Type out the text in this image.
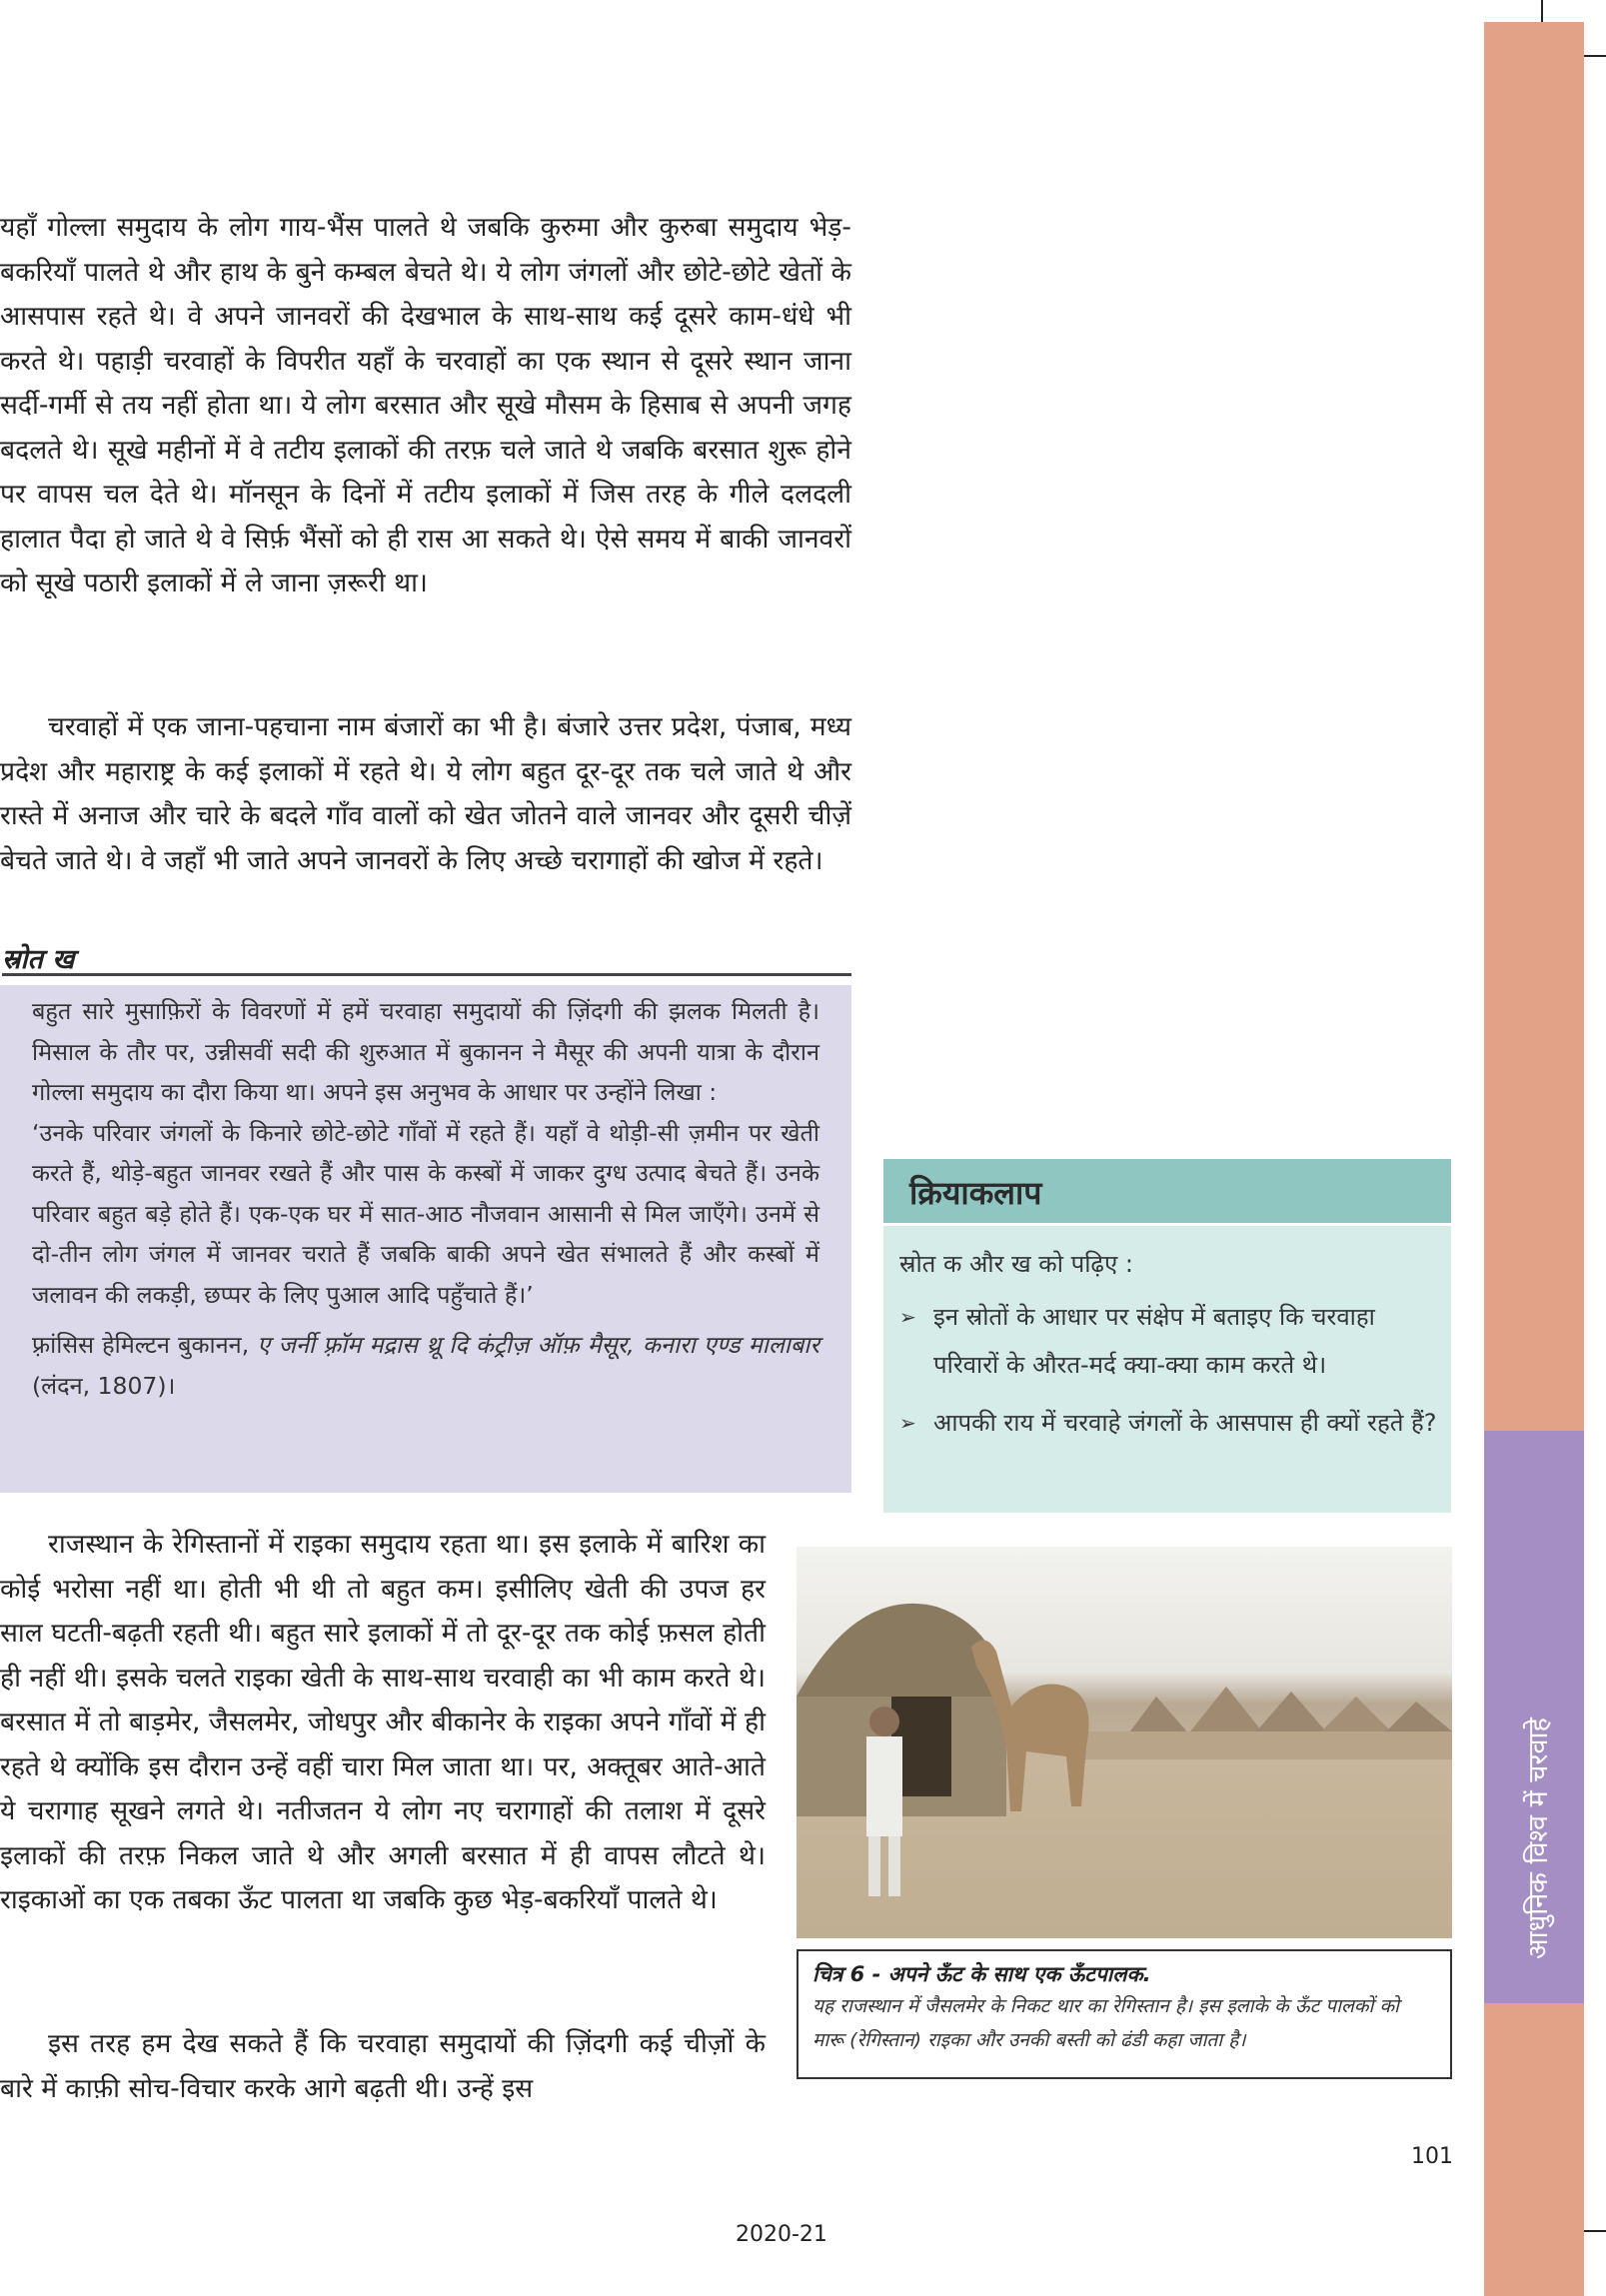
आधुनिक विश्व में चरवाहे

यहाँ गोल्ला समुदाय के लोग गाय-भैंस पालते थे जबकि कुरुमा और कुरुबा समुदाय भेड़-बकरियाँ पालते थे और हाथ के बुने कम्बल बेचते थे। ये लोग जंगलों और छोटे-छोटे खेतों के आसपास रहते थे। वे अपने जानवरों की देखभाल के साथ-साथ कई दूसरे काम-धंधे भी करते थे। पहाड़ी चरवाहों के विपरीत यहाँ के चरवाहों का एक स्थान से दूसरे स्थान जाना सर्दी-गर्मी से तय नहीं होता था। ये लोग बरसात और सूखे मौसम के हिसाब से अपनी जगह बदलते थे। सूखे महीनों में वे तटीय इलाकों की तरफ़ चले जाते थे जबकि बरसात शुरू होने पर वापस चल देते थे। मॉनसून के दिनों में तटीय इलाकों में जिस तरह के गीले दलदली हालात पैदा हो जाते थे वे सिर्फ़ भैंसों को ही रास आ सकते थे। ऐसे समय में बाकी जानवरों को सूखे पठारी इलाकों में ले जाना ज़रूरी था।

चरवाहों में एक जाना-पहचाना नाम बंजारों का भी है। बंजारे उत्तर प्रदेश, पंजाब, मध्य प्रदेश और महाराष्ट्र के कई इलाकों में रहते थे। ये लोग बहुत दूर-दूर तक चले जाते थे और रास्ते में अनाज और चारे के बदले गाँव वालों को खेत जोतने वाले जानवर और दूसरी चीज़ें बेचते जाते थे। वे जहाँ भी जाते अपने जानवरों के लिए अच्छे चरागाहों की खोज में रहते।

स्रोत ख

बहुत सारे मुसाफ़िरों के विवरणों में हमें चरवाहा समुदायों की ज़िंदगी की झलक मिलती है। मिसाल के तौर पर, उन्नीसवीं सदी की शुरुआत में बुकानन ने मैसूर की अपनी यात्रा के दौरान गोल्ला समुदाय का दौरा किया था। अपने इस अनुभव के आधार पर उन्होंने लिखा :

‘उनके परिवार जंगलों के किनारे छोटे-छोटे गाँवों में रहते हैं। यहाँ वे थोड़ी-सी ज़मीन पर खेती करते हैं, थोड़े-बहुत जानवर रखते हैं और पास के कस्बों में जाकर दुग्ध उत्पाद बेचते हैं। उनके परिवार बहुत बड़े होते हैं। एक-एक घर में सात-आठ नौजवान आसानी से मिल जाएँगे। उनमें से दो-तीन लोग जंगल में जानवर चराते हैं जबकि बाकी अपने खेत संभालते हैं और कस्बों में जलावन की लकड़ी, छप्पर के लिए पुआल आदि पहुँचाते हैं।’

फ़्रांसिस हेमिल्टन बुकानन, ए जर्नी फ़्रॉम मद्रास थ्रू दि कंट्रीज़ ऑफ़ मैसूर, कनारा एण्ड मालाबार (लंदन, 1807)।

क्रियाकलाप
स्रोत क और ख को पढ़िए :
➢ इन स्रोतों के आधार पर संक्षेप में बताइए कि चरवाहा परिवारों के औरत-मर्द क्या-क्या काम करते थे।
➢ आपकी राय में चरवाहे जंगलों के आसपास ही क्यों रहते हैं?

राजस्थान के रेगिस्तानों में राइका समुदाय रहता था। इस इलाके में बारिश का कोई भरोसा नहीं था। होती भी थी तो बहुत कम। इसीलिए खेती की उपज हर साल घटती-बढ़ती रहती थी। बहुत सारे इलाकों में तो दूर-दूर तक कोई फ़सल होती ही नहीं थी। इसके चलते राइका खेती के साथ-साथ चरवाही का भी काम करते थे। बरसात में तो बाड़मेर, जैसलमेर, जोधपुर और बीकानेर के राइका अपने गाँवों में ही रहते थे क्योंकि इस दौरान उन्हें वहीं चारा मिल जाता था। पर, अक्तूबर आते-आते ये चरागाह सूखने लगते थे। नतीजतन ये लोग नए चरागाहों की तलाश में दूसरे इलाकों की तरफ़ निकल जाते थे और अगली बरसात में ही वापस लौटते थे। राइकाओं का एक तबका ऊँट पालता था जबकि कुछ भेड़-बकरियाँ पालते थे।

इस तरह हम देख सकते हैं कि चरवाहा समुदायों की ज़िंदगी कई चीज़ों के बारे में काफ़ी सोच-विचार करके आगे बढ़ती थी। उन्हें इस

चित्र 6 - अपने ऊँट के साथ एक ऊँटपालक.
यह राजस्थान में जैसलमेर के निकट थार का रेगिस्तान है। इस इलाके के ऊँट पालकों को मारू (रेगिस्तान) राइका और उनकी बस्ती को ढंडी कहा जाता है।
101
2020-21
